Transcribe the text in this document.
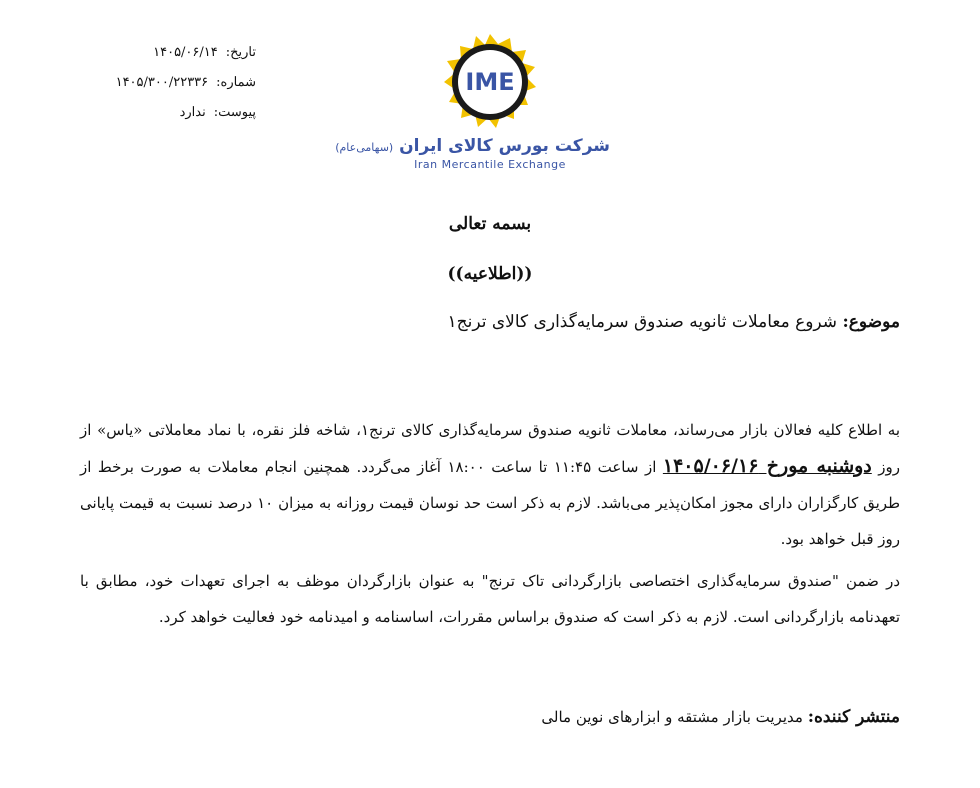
تاریخ:
۱۴۰۵/۰۶/۱۴
شماره:
۱۴۰۵/۳۰۰/۲۲۳۳۶
پیوست:
ندارد
IME
شرکت بورس کالای ایران (سهامی‌عام)
Iran Mercantile Exchange
بسمه تعالی
((اطلاعیه))
موضوع: شروع معاملات ثانویه صندوق سرمایه‌گذاری کالای ترنج۱

به اطلاع کلیه فعالان بازار می‌رساند، معاملات ثانویه صندوق سرمایه‌گذاری کالای ترنج۱، شاخه فلز نقره، با نماد معاملاتی «یاس» از روز دوشنبه مورخ ۱۴۰۵/۰۶/۱۶ از ساعت ۱۱:۴۵ تا ساعت ۱۸:۰۰ آغاز می‌گردد. همچنین انجام معاملات به صورت برخط از طریق کارگزاران دارای مجوز امکان‌پذیر می‌باشد. لازم به ذکر است حد نوسان قیمت روزانه به میزان ۱۰ درصد نسبت به قیمت پایانی روز قبل خواهد بود.

در ضمن "صندوق سرمایه‌گذاری اختصاصی بازارگردانی تاک ترنج" به عنوان بازارگردان موظف به اجرای تعهدات خود، مطابق با تعهدنامه بازارگردانی است. لازم به ذکر است که صندوق براساس مقررات، اساسنامه و امیدنامه خود فعالیت خواهد کرد.

منتشر کننده: مدیریت بازار مشتقه و ابزارهای نوین مالی
